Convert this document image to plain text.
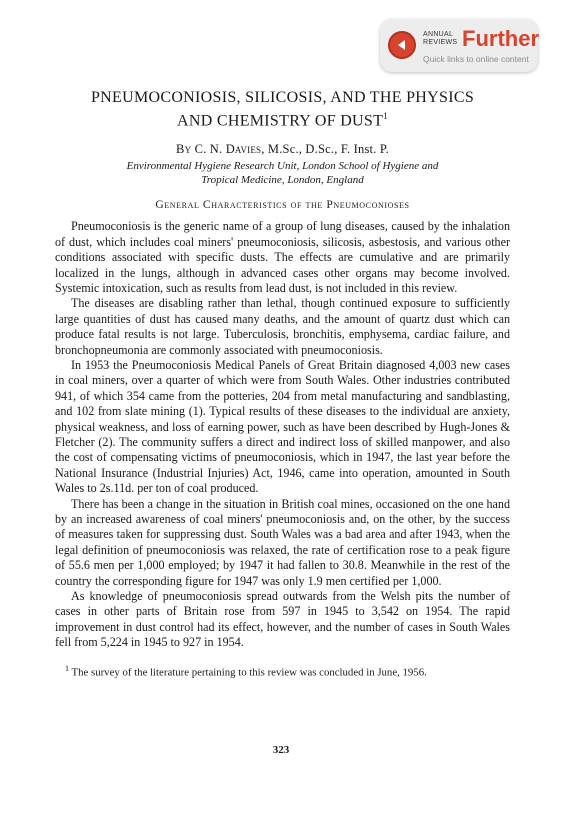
ANNUAL
REVIEWS Further
Quick links to online content
PNEUMOCONIOSIS, SILICOSIS, AND THE PHYSICS
AND CHEMISTRY OF DUST$^1$
By C. N. Davies, M.Sc., D.Sc., F. Inst. P.
Environmental Hygiene Research Unit, London School of Hygiene and
Tropical Medicine, London, England
General Characteristics of the Pneumoconioses

Pneumoconiosis is the generic name of a group of lung diseases, caused by the inhalation of dust, which includes coal miners' pneumoconiosis, silicosis, asbestosis, and various other conditions associated with specific dusts. The effects are cumulative and are primarily localized in the lungs, although in advanced cases other organs may become involved. Systemic intoxication, such as results from lead dust, is not included in this review.

The diseases are disabling rather than lethal, though continued exposure to sufficiently large quantities of dust has caused many deaths, and the amount of quartz dust which can produce fatal results is not large. Tuberculosis, bronchitis, emphysema, cardiac failure, and bronchopneumonia are commonly associated with pneumoconiosis.

In 1953 the Pneumoconiosis Medical Panels of Great Britain diagnosed 4,003 new cases in coal miners, over a quarter of which were from South Wales. Other industries contributed 941, of which 354 came from the potteries, 204 from metal manufacturing and sandblasting, and 102 from slate mining (1). Typical results of these diseases to the individual are anxiety, physical weakness, and loss of earning power, such as have been described by Hugh-Jones & Fletcher (2). The community suffers a direct and indirect loss of skilled manpower, and also the cost of compensating victims of pneumoconiosis, which in 1947, the last year before the National Insurance (Industrial Injuries) Act, 1946, came into operation, amounted in South Wales to 2s.11d. per ton of coal produced.

There has been a change in the situation in British coal mines, occasioned on the one hand by an increased awareness of coal miners' pneumoconiosis and, on the other, by the success of measures taken for suppressing dust. South Wales was a bad area and after 1943, when the legal definition of pneumoconiosis was relaxed, the rate of certification rose to a peak figure of 55.6 men per 1,000 employed; by 1947 it had fallen to 30.8. Meanwhile in the rest of the country the corresponding figure for 1947 was only 1.9 men certified per 1,000.

As knowledge of pneumoconiosis spread outwards from the Welsh pits the number of cases in other parts of Britain rose from 597 in 1945 to 3,542 on 1954. The rapid improvement in dust control had its effect, however, and the number of cases in South Wales fell from 5,224 in 1945 to 927 in 1954.

$^1$ The survey of the literature pertaining to this review was concluded in June, 1956.
323
